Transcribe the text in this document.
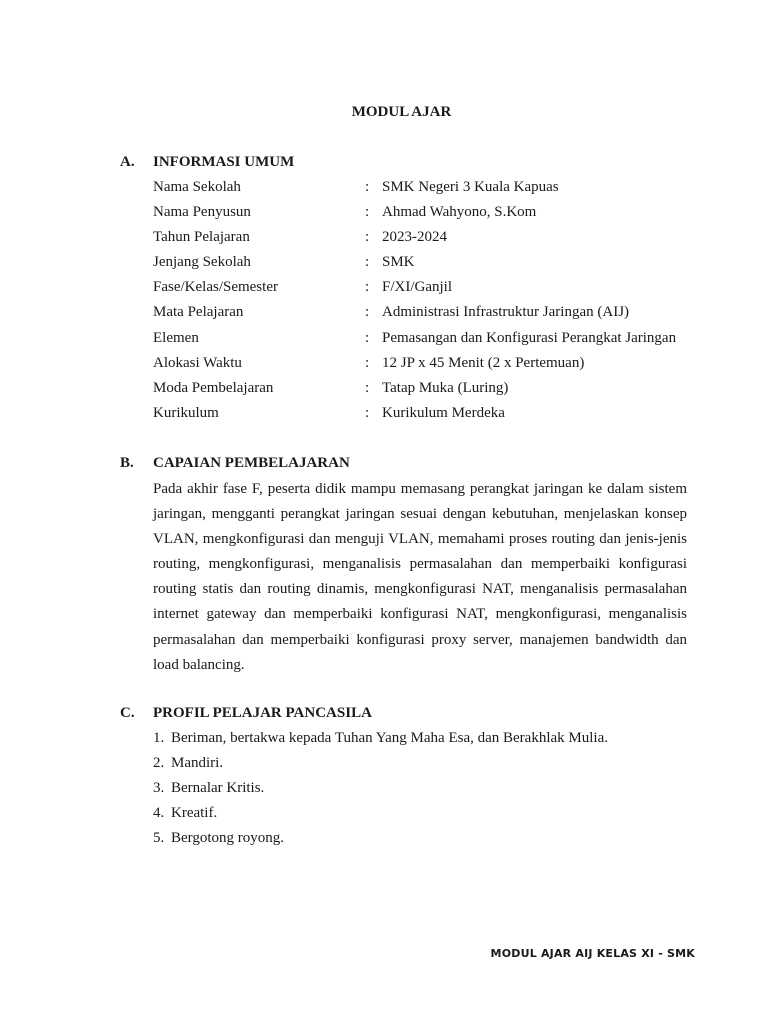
MODUL AJAR
A. INFORMASI UMUM
Nama Sekolah	: SMK Negeri 3 Kuala Kapuas
Nama Penyusun	: Ahmad Wahyono, S.Kom
Tahun Pelajaran	: 2023-2024
Jenjang Sekolah	: SMK
Fase/Kelas/Semester	: F/XI/Ganjil
Mata Pelajaran	: Administrasi Infrastruktur Jaringan (AIJ)
Elemen	: Pemasangan dan Konfigurasi Perangkat Jaringan
Alokasi Waktu	: 12 JP x 45 Menit (2 x Pertemuan)
Moda Pembelajaran	: Tatap Muka (Luring)
Kurikulum	: Kurikulum Merdeka
B. CAPAIAN PEMBELAJARAN

Pada akhir fase F, peserta didik mampu memasang perangkat jaringan ke dalam sistem jaringan, mengganti perangkat jaringan sesuai dengan kebutuhan, menjelaskan konsep VLAN, mengkonfigurasi dan menguji VLAN, memahami proses routing dan jenis-jenis routing, mengkonfigurasi, menganalisis permasalahan dan memperbaiki konfigurasi routing statis dan routing dinamis, mengkonfigurasi NAT, menganalisis permasalahan internet gateway dan memperbaiki konfigurasi NAT, mengkonfigurasi, menganalisis permasalahan dan memperbaiki konfigurasi proxy server, manajemen bandwidth dan load balancing.

C. PROFIL PELAJAR PANCASILA
1. Beriman, bertakwa kepada Tuhan Yang Maha Esa, dan Berakhlak Mulia.
2. Mandiri.
3. Bernalar Kritis.
4. Kreatif.
5. Bergotong royong.
MODUL AJAR AIJ KELAS XI - SMK
